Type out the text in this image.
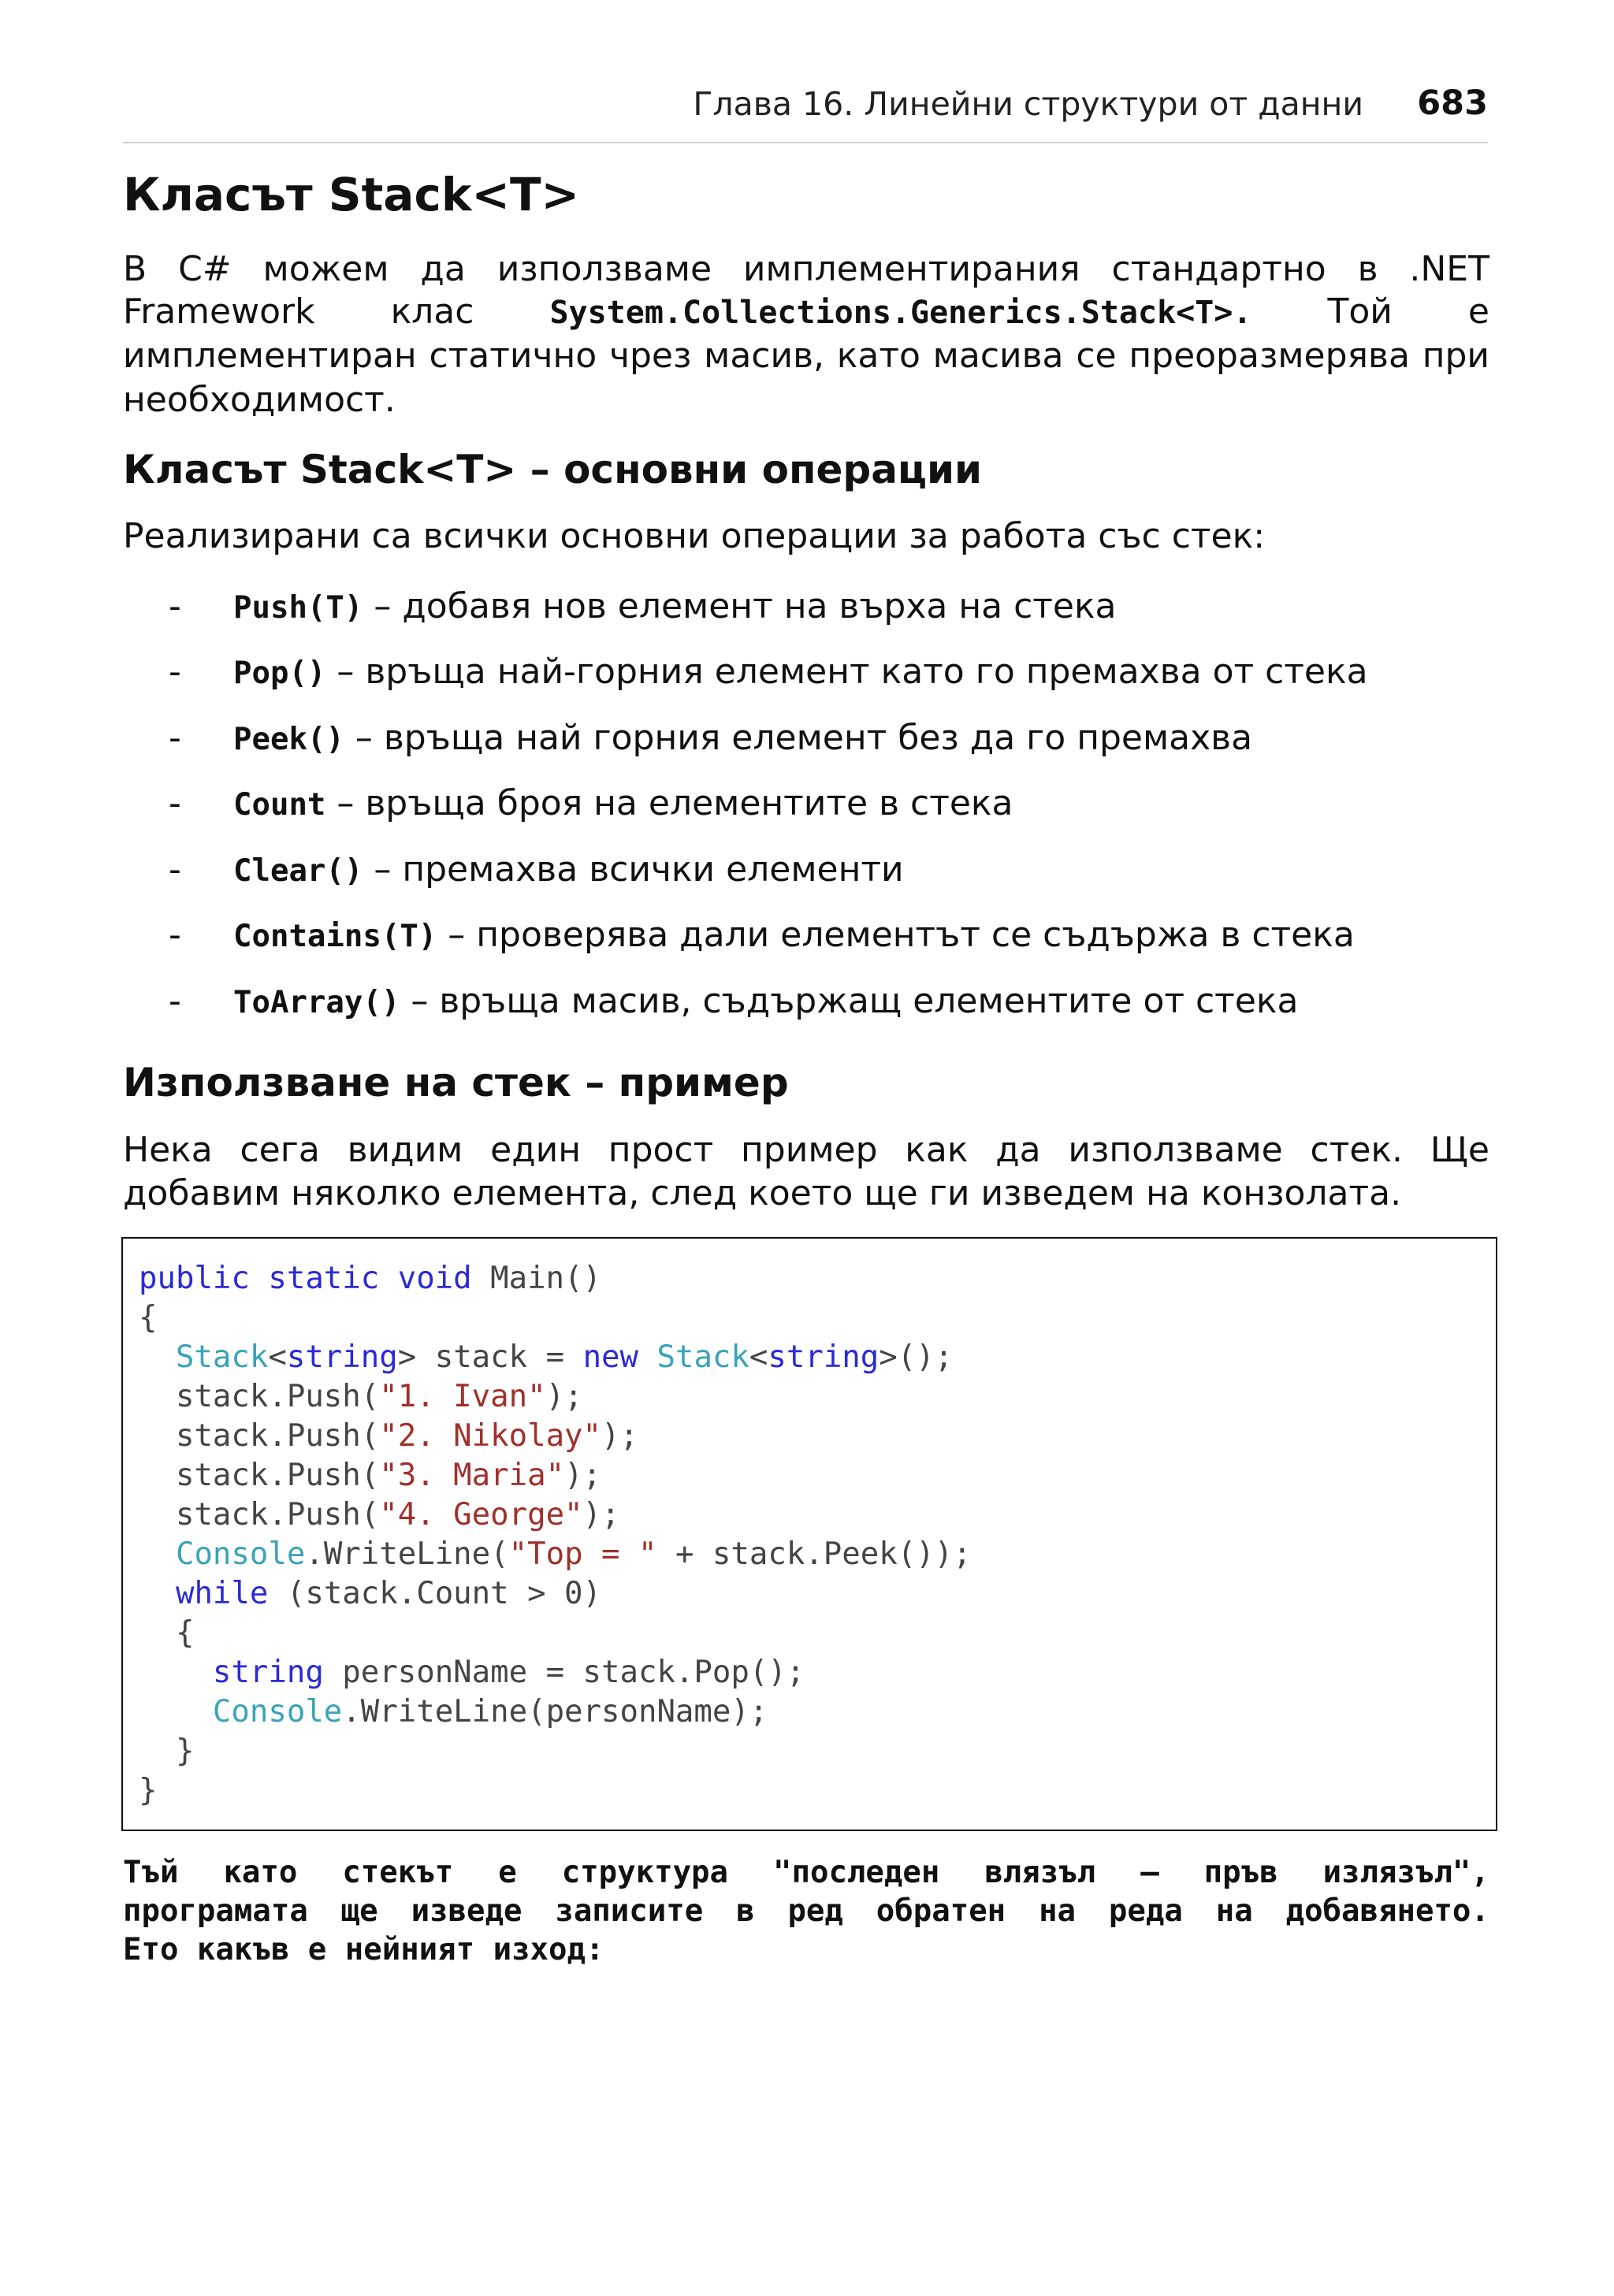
Глава 16. Линейни структури от данни 683
Класът Stack<T>
В C# можем да използваме имплементирания стандартно в .NET
Framework клас System.Collections.Generics.Stack<T>. Той е
имплементиран статично чрез масив, като масива се преоразмерява при необходимост.
Класът Stack<T> – основни операции

Реализирани са всички основни операции за работа със стек:

- Push(T) – добавя нов елемент на върха на стека
- Pop() – връща най-горния елемент като го премахва от стека
- Peek() – връща най горния елемент без да го премахва
- Count – връща броя на елементите в стека
- Clear() – премахва всички елементи
- Contains(T) – проверява дали елементът се съдържа в стека
- ToArray() – връща масив, съдържащ елементите от стека
Използване на стек – пример

Нека сега видим един прост пример как да използваме стек. Ще добавим няколко елемента, след което ще ги изведем на конзолата.

public static void Main()
{
Stack<string> stack = new Stack<string>();
stack.Push("1. Ivan");
stack.Push("2. Nikolay");
stack.Push("3. Maria");
stack.Push("4. George");
Console.WriteLine("Top = " + stack.Peek());
while (stack.Count > 0)
{
string personName = stack.Pop();
Console.WriteLine(personName);
}
}
Тъй като стекът е структура "последен влязъл – пръв излязъл",
програмата ще изведе записите в ред обратен на реда на добавянето.
Ето какъв е нейният изход:
